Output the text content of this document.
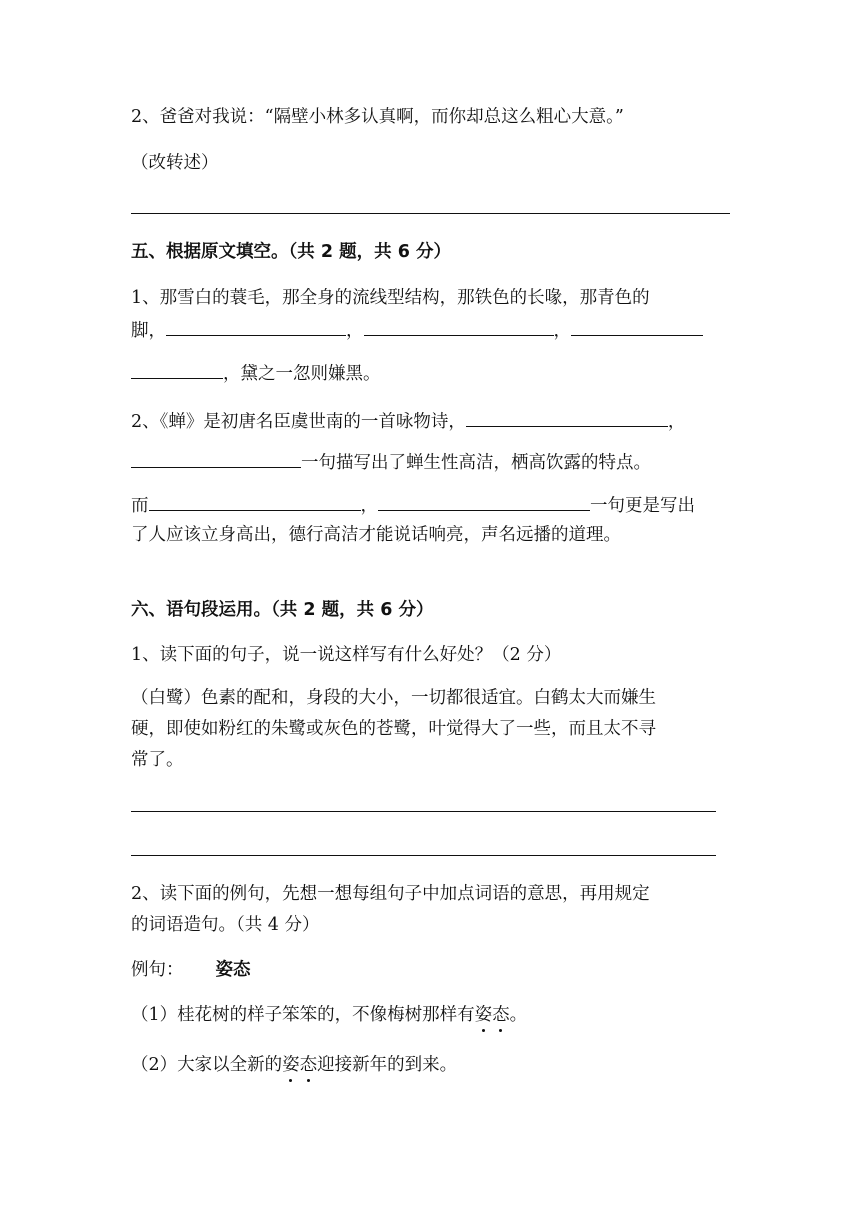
2、爸爸对我说：“隔壁小林多认真啊，而你却总这么粗心大意。”
（改转述）
五、根据原文填空。（共 2 题，共 6 分）
1、那雪白的蓑毛，那全身的流线型结构，那铁色的长喙，那青色的
脚，	，	，
，黛之一忽则嫌黑。
2、《蝉》是初唐名臣虞世南的一首咏物诗，	，
一句描写出了蝉生性高洁，栖高饮露的特点。
而	，	一句更是写出
了人应该立身高出，德行高洁才能说话响亮，声名远播的道理。
六、语句段运用。（共 2 题，共 6 分）
1、读下面的句子，说一说这样写有什么好处？（2 分）
（白鹭）色素的配和，身段的大小，一切都很适宜。白鹤太大而嫌生
硬，即使如粉红的朱鹭或灰色的苍鹭，叶觉得大了一些，而且太不寻
常了。
2、读下面的例句，先想一想每组句子中加点词语的意思，再用规定
的词语造句。（共 4 分）
例句： 姿态
（1）桂花树的样子笨笨的，不像梅树那样有姿态。
（2）大家以全新的姿态迎接新年的到来。
